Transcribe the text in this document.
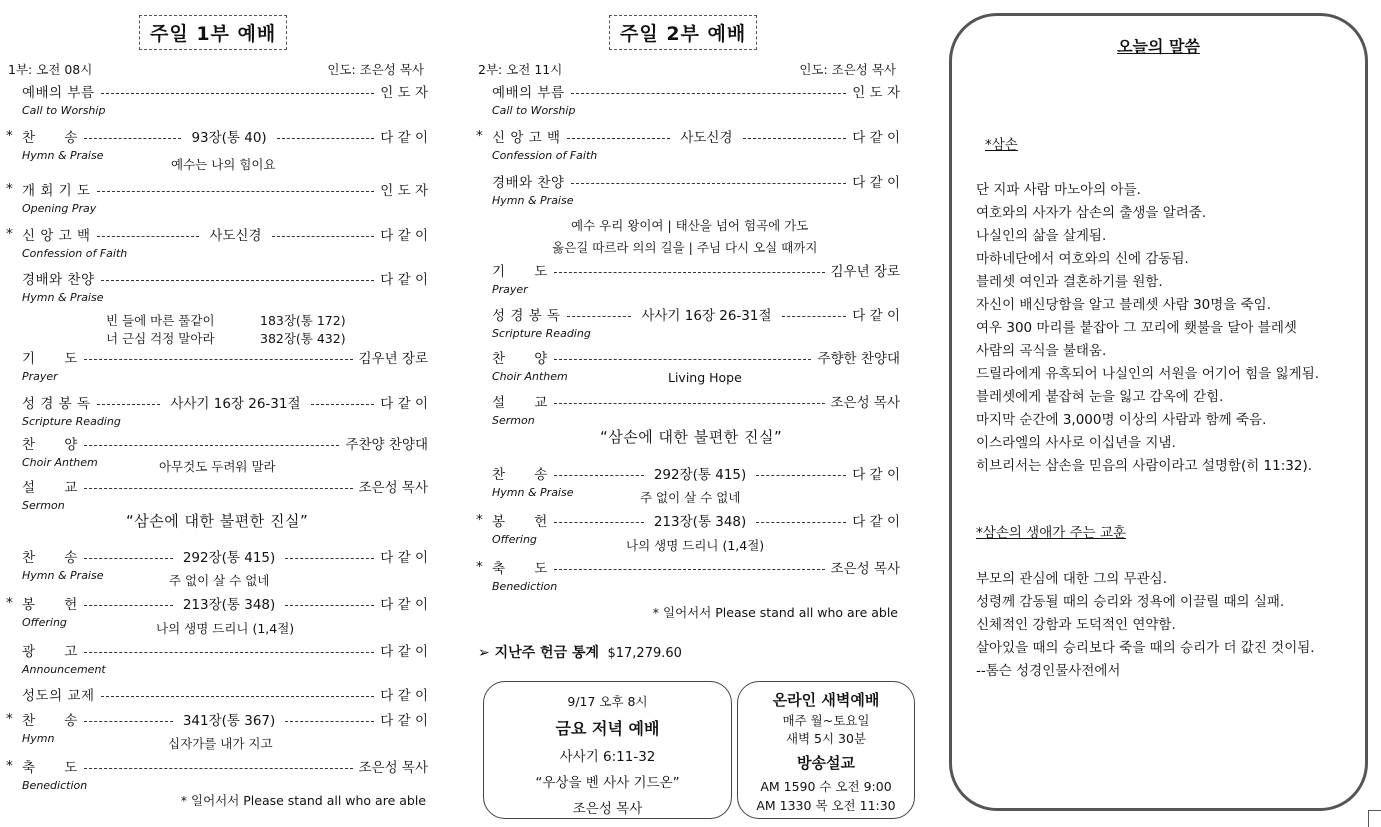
주일 1부 예배
1부: 오전 08시	인도: 조은성 목사
예배의 부름	인 도 자
Call to Worship
* 찬      송	93장(통 40)	다 같 이
Hymn & Praise
* 개 회 기 도	인 도 자
Opening Pray
* 신 앙 고 백	사도신경	다 같 이
Confession of Faith
경배와 찬양	다 같 이
Hymn & Praise
기      도	김우년 장로
Prayer
성 경 봉 독	사사기 16장 26-31절	다 같 이
Scripture Reading
찬      양	주찬양 찬양대
Choir Anthem
설      교	조은성 목사
Sermon
찬      송	292장(통 415)	다 같 이
Hymn & Praise
* 봉      헌	213장(통 348)	다 같 이
Offering
광      고	다 같 이
Announcement
성도의 교제	다 같 이
* 찬      송	341장(통 367)	다 같 이
Hymn
* 축      도	조은성 목사
Benediction
예수는 나의 힘이요
빈 들에 마른 풀같이	183장(통 172)
너 근심 걱정 말아라	382장(통 432)
아무것도 두려워 말라
“삼손에 대한 불편한 진실”
주 없이 살 수 없네
나의 생명 드리니 (1,4절)
십자가를 내가 지고
* 일어서서 Please stand all who are able
주일 2부 예배
2부: 오전 11시	인도: 조은성 목사
예배의 부름	인 도 자
Call to Worship
* 신 앙 고 백	사도신경	다 같 이
Confession of Faith
경배와 찬양	다 같 이
Hymn & Praise
기      도	김우년 장로
Prayer
성 경 봉 독	사사기 16장 26-31절	다 같 이
Scripture Reading
찬      양	주향한 찬양대
Choir Anthem
설      교	조은성 목사
Sermon
찬      송	292장(통 415)	다 같 이
Hymn & Praise
* 봉      헌	213장(통 348)	다 같 이
Offering
* 축      도	조은성 목사
Benediction
예수 우리 왕이여 | 태산을 넘어 험곡에 가도
옳은길 따르라 의의 길을 | 주님 다시 오실 때까지
Living Hope
“삼손에 대한 불편한 진실”
주 없이 살 수 없네
나의 생명 드리니 (1,4절)
* 일어서서 Please stand all who are able
➢ 지난주 헌금 통계 $17,279.60
9/17 오후 8시
금요 저녁 예배
사사기 6:11-32
“우상을 벤 사사 기드온”
조은성 목사
온라인 새벽예배
매주 월~토요일
새벽 5시 30분
방송설교
AM 1590 수 오전 9:00
AM 1330 목 오전 11:30
오늘의 말씀
*삼손
단 지파 사람 마노아의 아들.
여호와의 사자가 삼손의 출생을 알려줌.
나실인의 삶을 살게됨.
마하네단에서 여호와의 신에 감동됨.
블레셋 여인과 결혼하기를 원함.
자신이 배신당함을 알고 블레셋 사람 30명을 죽임.
여우 300 마리를 붙잡아 그 꼬리에 횃불을 달아 블레셋
사람의 곡식을 불태움.
드릴라에게 유혹되어 나실인의 서원을 어기어 힘을 잃게됨.
블레셋에게 붙잡혀 눈을 잃고 감옥에 갇힘.
마지막 순간에 3,000명 이상의 사람과 함께 죽음.
이스라엘의 사사로 이십년을 지냄.
히브리서는 삼손을 믿음의 사람이라고 설명함(히 11:32).
*삼손의 생애가 주는 교훈
부모의 관심에 대한 그의 무관심.
성령께 감동될 때의 승리와 정욕에 이끌릴 때의 실패.
신체적인 강함과 도덕적인 연약함.
살아있을 때의 승리보다 죽을 때의 승리가 더 값진 것이됨.
--톰슨 성경인물사전에서
